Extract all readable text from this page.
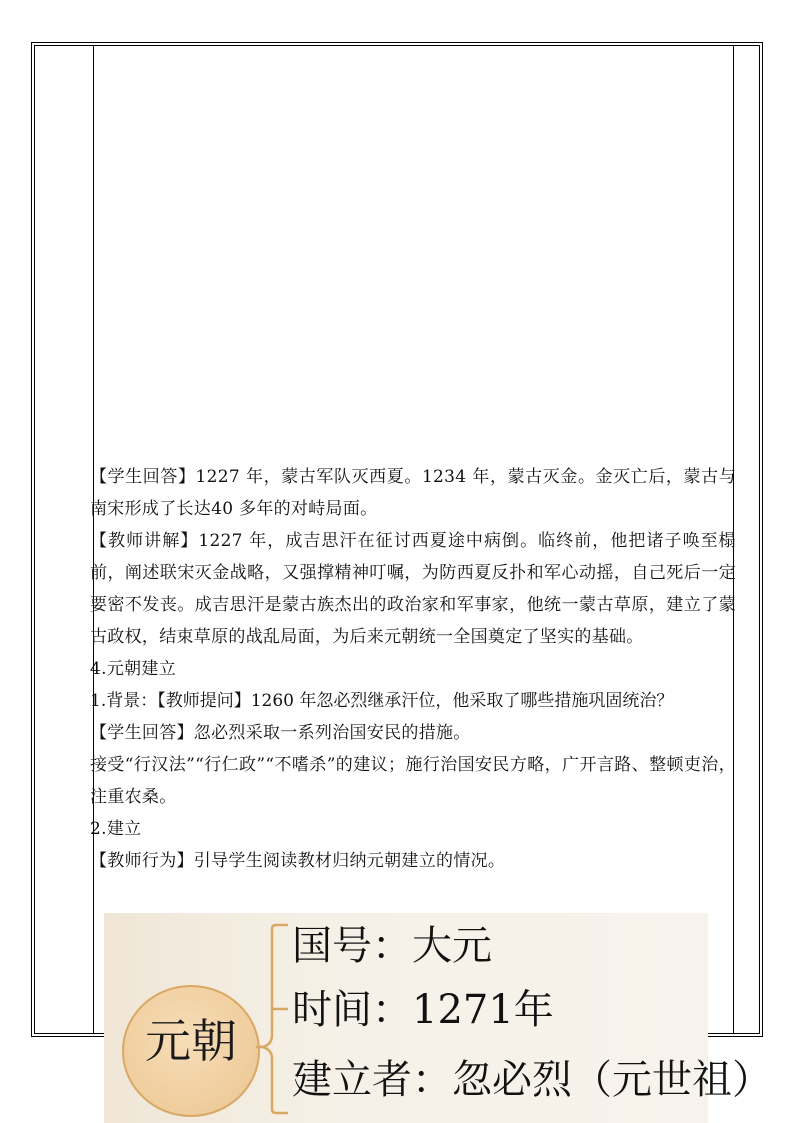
【学生回答】1227 年，蒙古军队灭西夏。1234 年，蒙古灭金。金灭亡后，蒙古与南宋形成了长达40 多年的对峙局面。

【教师讲解】1227 年，成吉思汗在征讨西夏途中病倒。临终前，他把诸子唤至榻前，阐述联宋灭金战略，又强撑精神叮嘱，为防西夏反扑和军心动摇，自己死后一定要密不发丧。成吉思汗是蒙古族杰出的政治家和军事家，他统一蒙古草原，建立了蒙古政权，结束草原的战乱局面，为后来元朝统一全国奠定了坚实的基础。

4.元朝建立

1.背景：【教师提问】1260 年忽必烈继承汗位，他采取了哪些措施巩固统治？

【学生回答】忽必烈采取一系列治国安民的措施。

接受“行汉法”“行仁政”“不嗜杀”的建议；施行治国安民方略，广开言路、整顿吏治，注重农桑。

2.建立

【教师行为】引导学生阅读教材归纳元朝建立的情况。

元朝
国号：大元
时间：1271年
建立者：忽必烈（元世祖）
